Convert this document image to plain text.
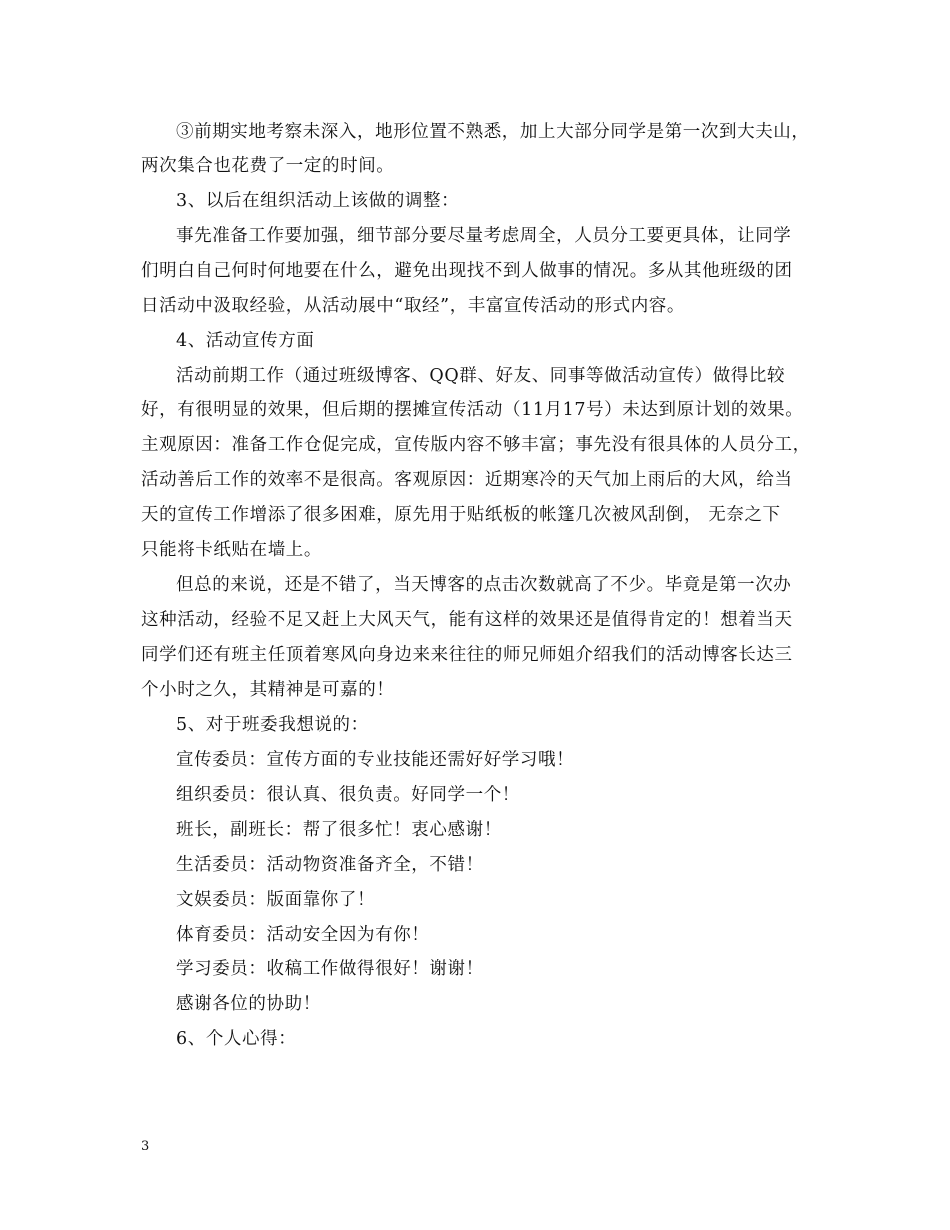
③前期实地考察未深入，地形位置不熟悉，加上大部分同学是第一次到大夫山，
两次集合也花费了一定的时间。
3、以后在组织活动上该做的调整：
事先准备工作要加强，细节部分要尽量考虑周全，人员分工要更具体，让同学
们明白自己何时何地要在什么，避免出现找不到人做事的情况。多从其他班级的团
日活动中汲取经验，从活动展中“取经”，丰富宣传活动的形式内容。
4、活动宣传方面
活动前期工作（通过班级博客、QQ群、好友、同事等做活动宣传）做得比较
好，有很明显的效果，但后期的摆摊宣传活动（11月17号）未达到原计划的效果。
主观原因：准备工作仓促完成，宣传版内容不够丰富；事先没有很具体的人员分工，
活动善后工作的效率不是很高。客观原因：近期寒冷的天气加上雨后的大风，给当
天的宣传工作增添了很多困难，原先用于贴纸板的帐篷几次被风刮倒， 无奈之下
只能将卡纸贴在墙上。
但总的来说，还是不错了，当天博客的点击次数就高了不少。毕竟是第一次办
这种活动，经验不足又赶上大风天气，能有这样的效果还是值得肯定的！想着当天
同学们还有班主任顶着寒风向身边来来往往的师兄师姐介绍我们的活动博客长达三
个小时之久，其精神是可嘉的！
5、对于班委我想说的：
宣传委员：宣传方面的专业技能还需好好学习哦！
组织委员：很认真、很负责。好同学一个！
班长，副班长：帮了很多忙！衷心感谢！
生活委员：活动物资准备齐全，不错！
文娱委员：版面靠你了！
体育委员：活动安全因为有你！
学习委员：收稿工作做得很好！谢谢！
感谢各位的协助！
6、个人心得：
3
